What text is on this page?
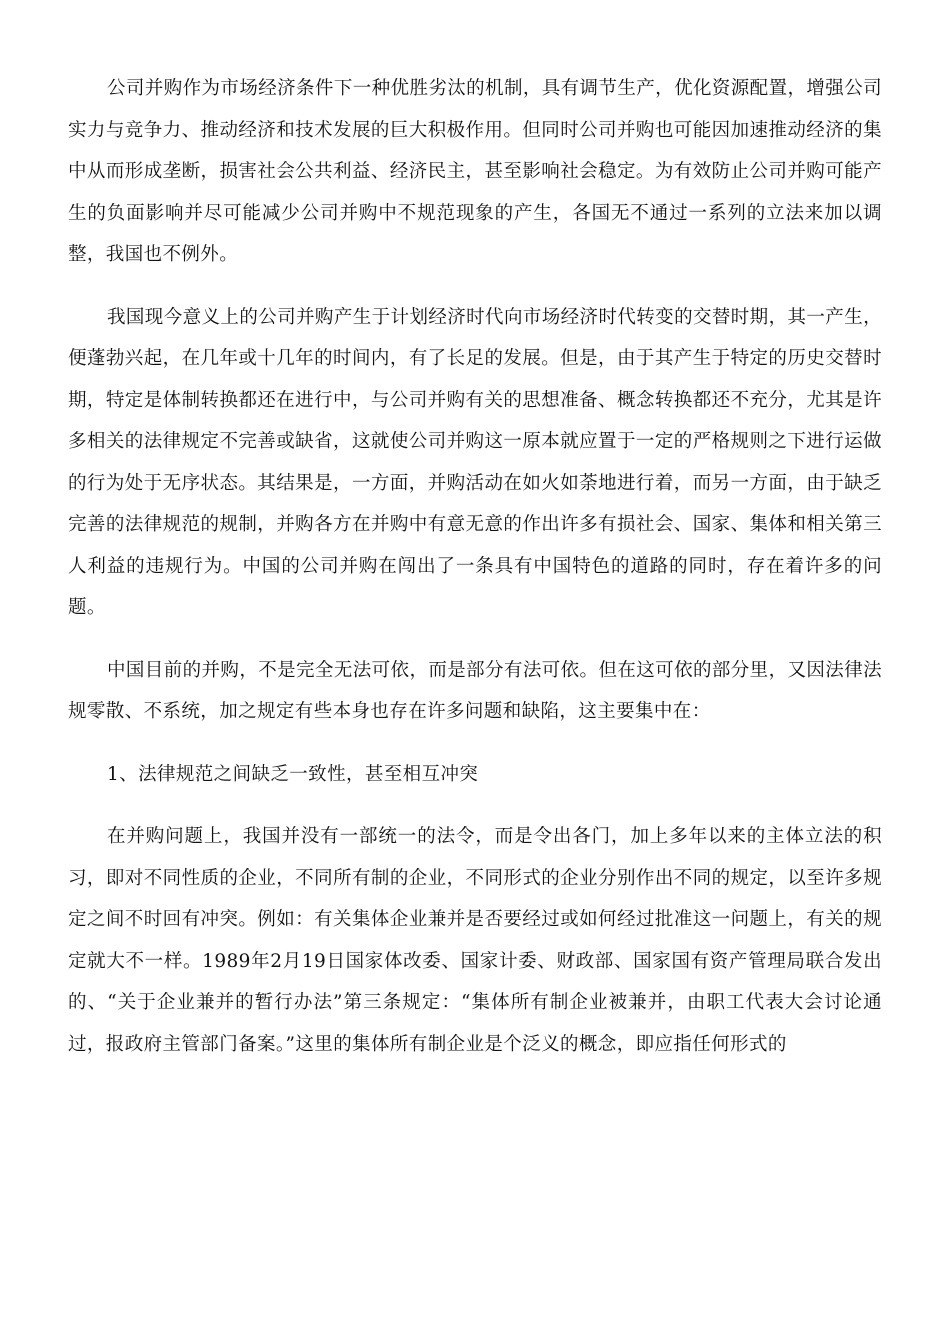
公司并购作为市场经济条件下一种优胜劣汰的机制，具有调节生产，优化资源配置，增强公司实力与竞争力、推动经济和技术发展的巨大积极作用。但同时公司并购也可能因加速推动经济的集中从而形成垄断，损害社会公共利益、经济民主，甚至影响社会稳定。为有效防止公司并购可能产生的负面影响并尽可能减少公司并购中不规范现象的产生，各国无不通过一系列的立法来加以调整，我国也不例外。

我国现今意义上的公司并购产生于计划经济时代向市场经济时代转变的交替时期，其一产生，便蓬勃兴起，在几年或十几年的时间内，有了长足的发展。但是，由于其产生于特定的历史交替时期，特定是体制转换都还在进行中，与公司并购有关的思想准备、概念转换都还不充分，尤其是许多相关的法律规定不完善或缺省，这就使公司并购这一原本就应置于一定的严格规则之下进行运做的行为处于无序状态。其结果是，一方面，并购活动在如火如荼地进行着，而另一方面，由于缺乏完善的法律规范的规制，并购各方在并购中有意无意的作出许多有损社会、国家、集体和相关第三人利益的违规行为。中国的公司并购在闯出了一条具有中国特色的道路的同时，存在着许多的问题。

中国目前的并购，不是完全无法可依，而是部分有法可依。但在这可依的部分里，又因法律法规零散、不系统，加之规定有些本身也存在许多问题和缺陷，这主要集中在：

1、法律规范之间缺乏一致性，甚至相互冲突

在并购问题上，我国并没有一部统一的法令，而是令出各门，加上多年以来的主体立法的积习，即对不同性质的企业，不同所有制的企业，不同形式的企业分别作出不同的规定，以至许多规定之间不时回有冲突。例如：有关集体企业兼并是否要经过或如何经过批准这一问题上，有关的规定就大不一样。1989年2月19日国家体改委、国家计委、财政部、国家国有资产管理局联合发出的、“关于企业兼并的暂行办法”第三条规定：“集体所有制企业被兼并，由职工代表大会讨论通过，报政府主管部门备案。”这里的集体所有制企业是个泛义的概念，即应指任何形式的
